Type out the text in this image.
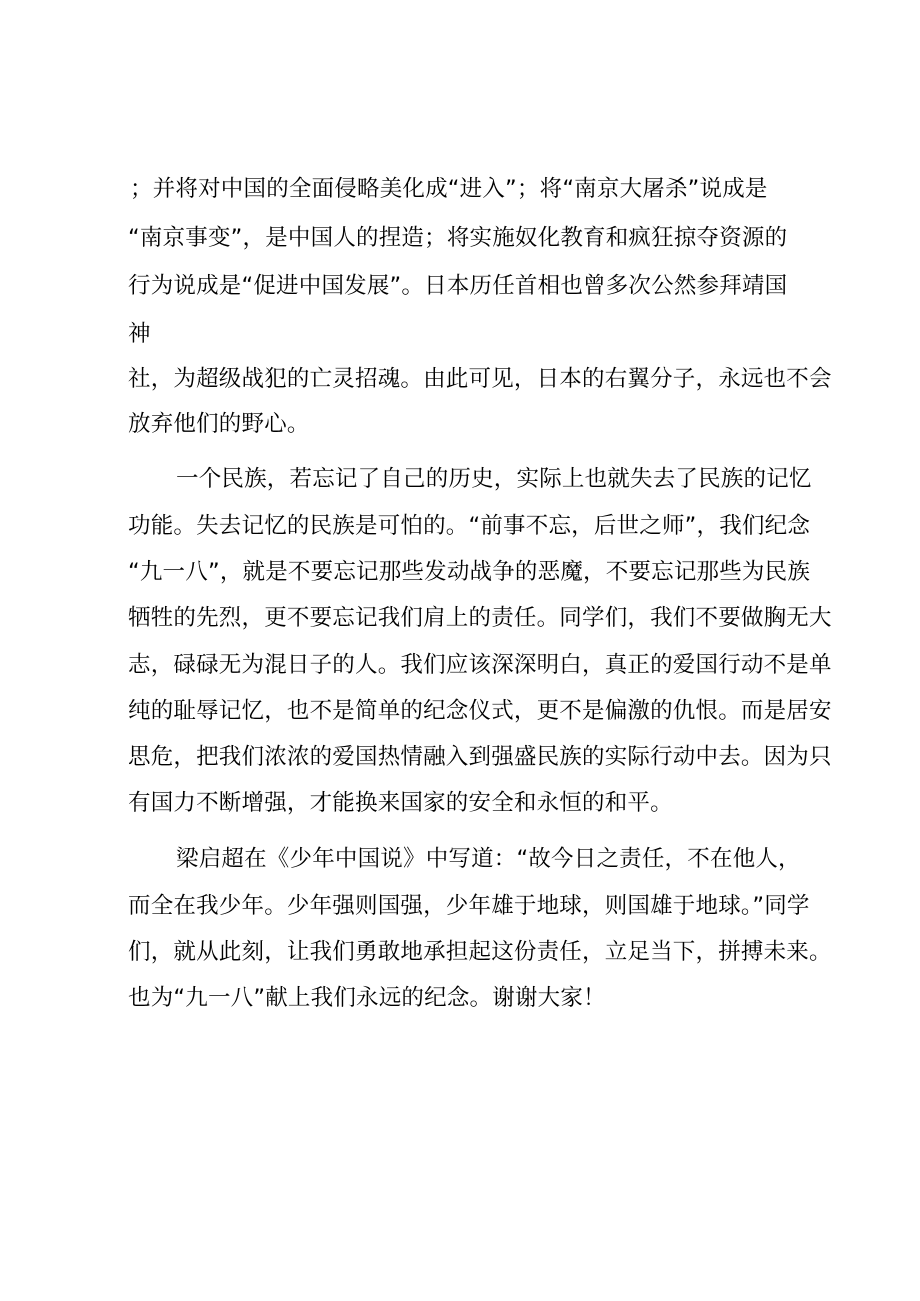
；并将对中国的全面侵略美化成“进入”；将“南京大屠杀”说成是
“南京事变”，是中国人的捏造；将实施奴化教育和疯狂掠夺资源的
行为说成是“促进中国发展”。日本历任首相也曾多次公然参拜靖国
神
社，为超级战犯的亡灵招魂。由此可见，日本的右翼分子，永远也不会
放弃他们的野心。
一个民族，若忘记了自己的历史，实际上也就失去了民族的记忆
功能。失去记忆的民族是可怕的。“前事不忘，后世之师”，我们纪念
“九一八”，就是不要忘记那些发动战争的恶魔，不要忘记那些为民族
牺牲的先烈，更不要忘记我们肩上的责任。同学们，我们不要做胸无大
志，碌碌无为混日子的人。我们应该深深明白，真正的爱国行动不是单
纯的耻辱记忆，也不是简单的纪念仪式，更不是偏激的仇恨。而是居安
思危，把我们浓浓的爱国热情融入到强盛民族的实际行动中去。因为只
有国力不断增强，才能换来国家的安全和永恒的和平。
梁启超在《少年中国说》中写道：“故今日之责任，不在他人，
而全在我少年。少年强则国强，少年雄于地球，则国雄于地球。”同学
们，就从此刻，让我们勇敢地承担起这份责任，立足当下，拼搏未来。
也为“九一八”献上我们永远的纪念。谢谢大家！
